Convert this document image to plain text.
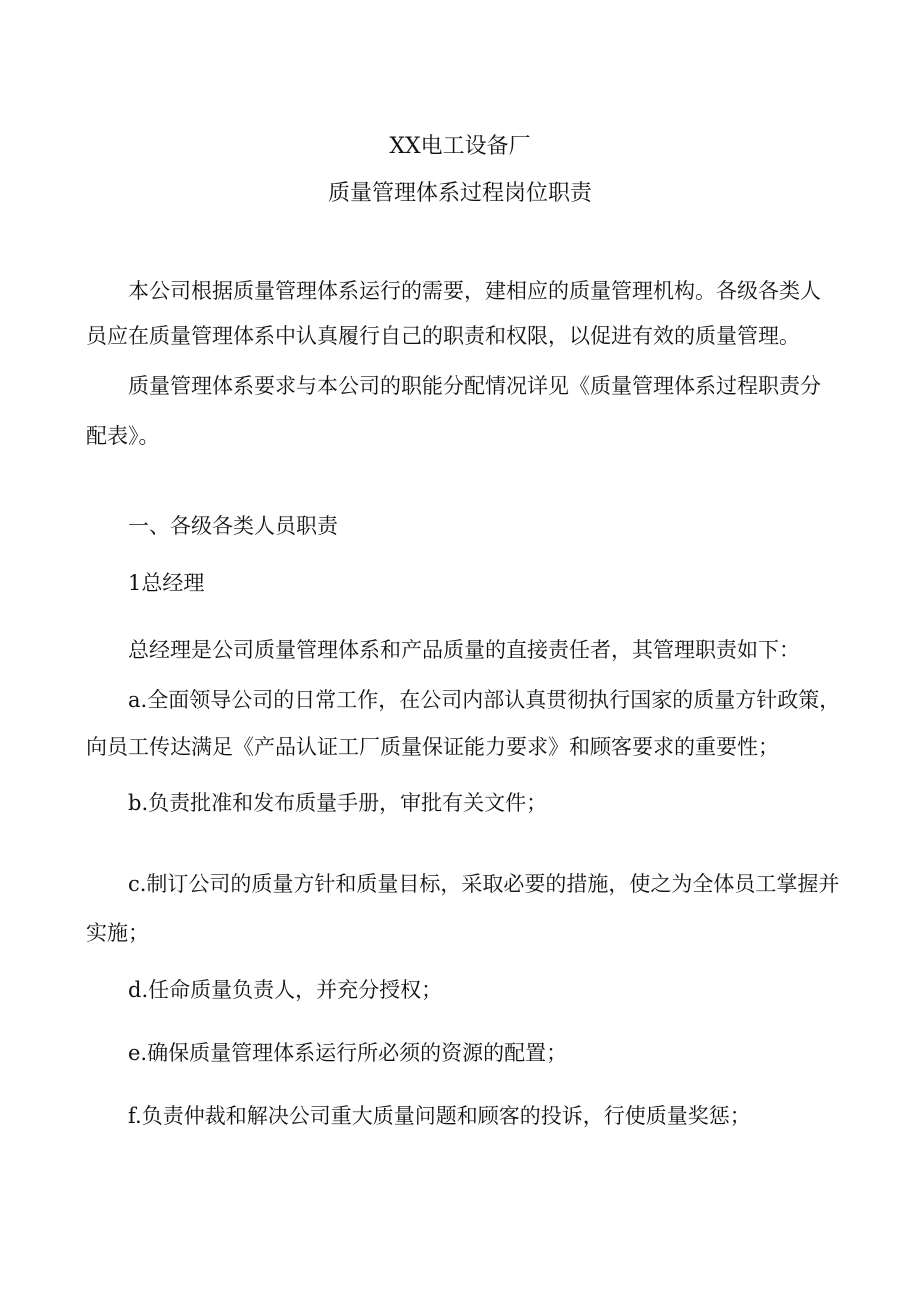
XX电工设备厂
质量管理体系过程岗位职责
本公司根据质量管理体系运行的需要，建相应的质量管理机构。各级各类人
员应在质量管理体系中认真履行自己的职责和权限，以促进有效的质量管理。
质量管理体系要求与本公司的职能分配情况详见《质量管理体系过程职责分
配表》。
一、各级各类人员职责
1总经理
总经理是公司质量管理体系和产品质量的直接责任者，其管理职责如下：
a.全面领导公司的日常工作，在公司内部认真贯彻执行国家的质量方针政策，
向员工传达满足《产品认证工厂质量保证能力要求》和顾客要求的重要性；
b.负责批准和发布质量手册，审批有关文件；
c.制订公司的质量方针和质量目标，采取必要的措施，使之为全体员工掌握并
实施；
d.任命质量负责人，并充分授权；
e.确保质量管理体系运行所必须的资源的配置；
f.负责仲裁和解决公司重大质量问题和顾客的投诉，行使质量奖惩；
